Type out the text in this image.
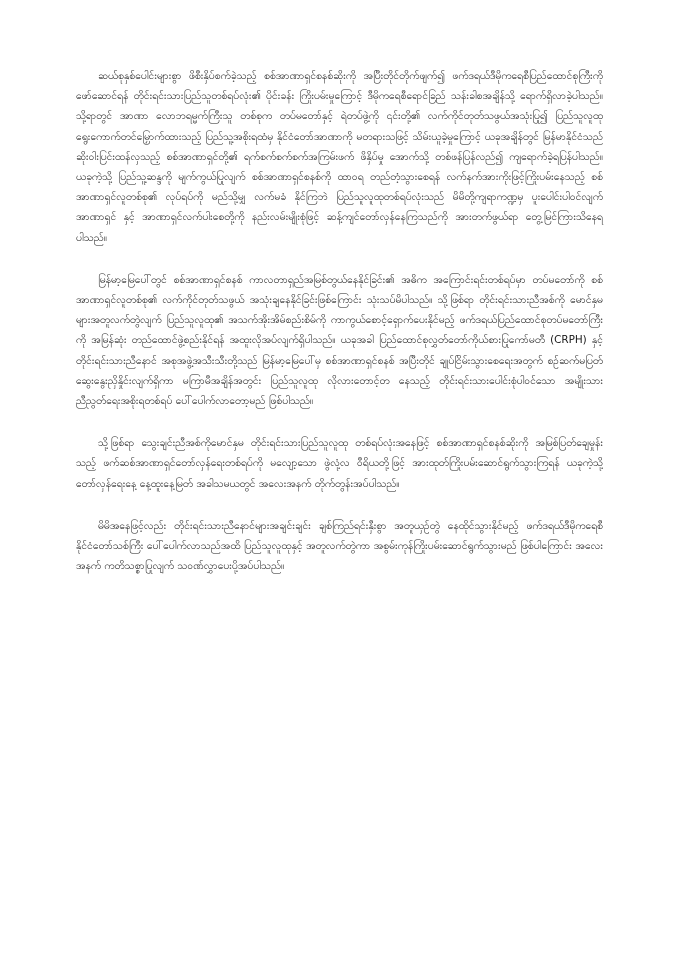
ဆယ်စုနှစ်ပေါင်းများစွာ ဖိစီးနှိပ်စက်ခဲ့သည့် စစ်အာဏာရှင်စနစ်ဆိုးကို အပြီးတိုင်တိုက်ဖျက်၍ ဖက်ဒရယ်ဒီမိုကရေစီပြည်ထောင်စုကြီးကို ဖော်ဆောင်ရန် တိုင်းရင်းသားပြည်သူတစ်ရပ်လုံး၏ ပိုင်းခန်း ကြိုးပမ်းမှုကြောင့် ဒီမိုကရေစီရောင်ခြည် သန်းခါစအချိန်သို့ ရောက်ရှိလာခဲ့ပါသည်။ သို့ရာတွင် အာဏာ လောဘရမ္မက်ကြီးသူ တစ်စုက တပ်မတော်နှင့် ရဲတပ်ဖွဲ့ကို ၎င်းတို့၏ လက်ကိုင်တုတ်သဖွယ်အသုံးပြု၍ ပြည်သူလူထု ရွေးကောက်တင်မြှောက်ထားသည့် ပြည်သူ့အစိုးရထံမှ နိုင်ငံတော်အာဏာကို မတရားသဖြင့် သိမ်းယူခဲ့မှုကြောင့် ယခုအချိန်တွင် မြန်မာနိုင်ငံသည် ဆိုးဝါးပြင်းထန်လှသည့် စစ်အာဏာရှင်တို့၏ ရက်စက်စက်စက်အကြမ်းဖက် ဖိနှိပ်မှု အောက်သို့ တစ်ဖန်ပြန်လည်၍ ကျရောက်ခဲ့ရပြန်ပါသည်။ ယခုကဲ့သို့ ပြည်သူ့ဆန္ဒကို မျက်ကွယ်ပြုလျက် စစ်အာဏာရှင်စနစ်ကို ထာဝရ တည်တံ့သွားစေရန် လက်နက်အားကိုးဖြင့်ကြိုးပမ်းနေသည့် စစ်အာဏာရှင်လူတစ်စု၏ လုပ်ရပ်ကို မည်သို့မျှ လက်မခံ နိုင်ကြဘဲ ပြည်သူလူထုတစ်ရပ်လုံးသည် မိမိတို့ကျရာကဏ္ဍမှ ပူးပေါင်းပါဝင်လျက် အာဏာရှင် နှင့် အာဏာရှင်လက်ပါးစေတို့ကို နည်းလမ်းမျိုးစုံဖြင့် ဆန့်ကျင်တော်လှန်နေကြသည်ကို အားတက်ဖွယ်ရာ တွေ့မြင်ကြားသိနေရပါသည်။

မြန်မာ့မြေပေါ်တွင် စစ်အာဏာရှင်စနစ် ကာလတာရှည်အမြစ်တွယ်နေနိုင်ခြင်း၏ အဓိက အကြောင်းရင်းတစ်ရပ်မှာ တပ်မတော်ကို စစ်အာဏာရှင်လူတစ်စု၏ လက်ကိုင်တုတ်သဖွယ် အသုံးချနေနိုင်ခြင်းဖြစ်ကြောင်း သုံးသပ်မိပါသည်။ သို့ဖြစ်ရာ တိုင်းရင်းသားညီအစ်ကို မောင်နှမ များအတူလက်တွဲလျက် ပြည်သူလူထု၏ အသက်အိုးအိမ်စည်းစိမ်ကို ကာကွယ်စောင့်ရှောက်ပေးနိုင်မည့် ဖက်ဒရယ်ပြည်ထောင်စုတပ်မတော်ကြီးကို အမြန်ဆုံး တည်ထောင်ဖွဲ့စည်းနိုင်ရန် အထူးလိုအပ်လျက်ရှိပါသည်။ ယခုအခါ ပြည်ထောင်စုလွှတ်တော်ကိုယ်စားပြုကော်မတီ (CRPH) နှင့် တိုင်းရင်းသားညီနောင် အစုအဖွဲ့အသီးသီးတို့သည် မြန်မာ့မြေပေါ်မှ စစ်အာဏာရှင်စနစ် အပြီးတိုင် ချုပ်ငြိမ်းသွားစေရေးအတွက် စဉ်ဆက်မပြတ် ဆွေးနွေးညှိနှိုင်းလျက်ရှိကာ မကြာမီအချိန်အတွင်း ပြည်သူလူထု လိုလားတောင့်တ နေသည့် တိုင်းရင်းသားပေါင်းစုံပါဝင်သော အမျိုးသားညီညွတ်ရေးအစိုးရတစ်ရပ် ပေါ်ပေါက်လာတော့မည် ဖြစ်ပါသည်။

သို့ဖြစ်ရာ သွေးချင်းညီအစ်ကိုမောင်နှမ တိုင်းရင်းသားပြည်သူလူထု တစ်ရပ်လုံးအနေဖြင့် စစ်အာဏာရှင်စနစ်ဆိုးကို အမြစ်ပြတ်ချေမှုန်းသည့် ဖက်ဆစ်အာဏာရှင်တော်လှန်ရေးတစ်ရပ်ကို မလျော့သော ဖွဲလုံ့လ ဝီရိယတို့ဖြင့် အားထုတ်ကြိုးပမ်းဆောင်ရွက်သွားကြရန် ယခုကဲ့သို့ တော်လှန်ရေးနေ့ နေ့ထူးနေ့မြတ် အခါသမယတွင် အလေးအနက် တိုက်တွန်းအပ်ပါသည်။

မိမိအနေဖြင့်လည်း တိုင်းရင်းသားညီနောင်များအချင်းချင်း ချစ်ကြည်ရင်းနှီးစွာ အတူယှဉ်တွဲ နေထိုင်သွားနိုင်မည့် ဖက်ဒရယ်ဒီမိုကရေစီနိုင်ငံတော်သစ်ကြီး ပေါ်ပေါက်လာသည်အထိ ပြည်သူလူထုနှင့် အတူလက်တွဲကာ အစွမ်းကုန်ကြိုးပမ်းဆောင်ရွက်သွားမည် ဖြစ်ပါကြောင်း အလေးအနက် ကတိသစ္စာပြုလျက် သဝဏ်လွှာပေးပို့အပ်ပါသည်။
